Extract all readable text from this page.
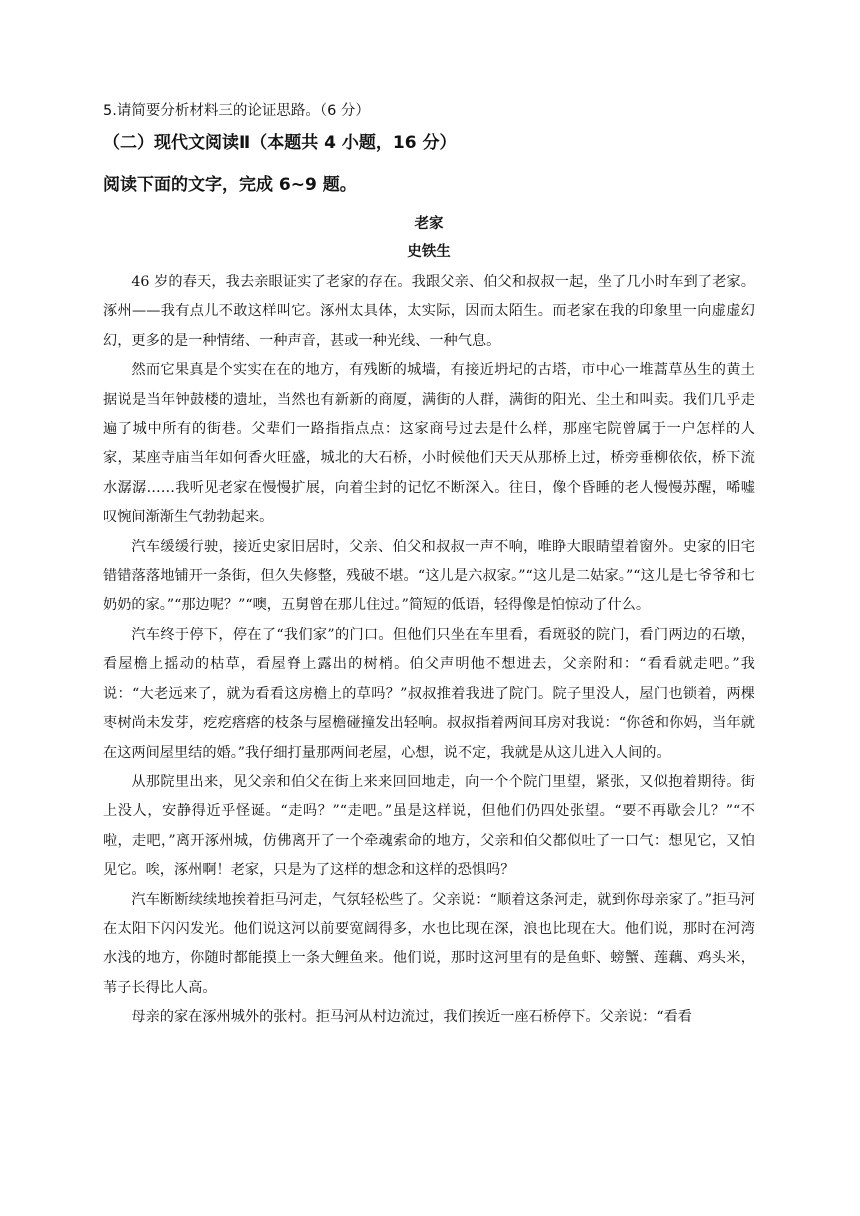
5.请简要分析材料三的论证思路。（6 分）

（二）现代文阅读Ⅱ（本题共 4 小题，16 分）

阅读下面的文字，完成 6~9 题。

老家

史铁生

46 岁的春天，我去亲眼证实了老家的存在。我跟父亲、伯父和叔叔一起，坐了几小时车到了老家。涿州——我有点儿不敢这样叫它。涿州太具体，太实际，因而太陌生。而老家在我的印象里一向虚虚幻幻，更多的是一种情绪、一种声音，甚或一种光线、一种气息。

然而它果真是个实实在在的地方，有残断的城墙，有接近坍圮的古塔，市中心一堆蒿草丛生的黄土据说是当年钟鼓楼的遗址，当然也有新新的商厦，满街的人群，满街的阳光、尘土和叫卖。我们几乎走遍了城中所有的街巷。父辈们一路指指点点：这家商号过去是什么样，那座宅院曾属于一户怎样的人家，某座寺庙当年如何香火旺盛，城北的大石桥，小时候他们天天从那桥上过，桥旁垂柳依依，桥下流水潺潺……我听见老家在慢慢扩展，向着尘封的记忆不断深入。往日，像个昏睡的老人慢慢苏醒，唏嘘叹惋间渐渐生气勃勃起来。

汽车缓缓行驶，接近史家旧居时，父亲、伯父和叔叔一声不响，唯睁大眼睛望着窗外。史家的旧宅错错落落地铺开一条街，但久失修整，残破不堪。“这儿是六叔家。”“这儿是二姑家。”“这儿是七爷爷和七奶奶的家。”“那边呢？”“噢，五舅曾在那儿住过。”简短的低语，轻得像是怕惊动了什么。

汽车终于停下，停在了“我们家”的门口。但他们只坐在车里看，看斑驳的院门，看门两边的石墩，看屋檐上摇动的枯草，看屋脊上露出的树梢。伯父声明他不想进去，父亲附和：“看看就走吧。”我说：“大老远来了，就为看看这房檐上的草吗？”叔叔推着我进了院门。院子里没人，屋门也锁着，两棵枣树尚未发芽，疙疙瘩瘩的枝条与屋檐碰撞发出轻响。叔叔指着两间耳房对我说：“你爸和你妈，当年就在这两间屋里结的婚。”我仔细打量那两间老屋，心想，说不定，我就是从这儿进入人间的。

从那院里出来，见父亲和伯父在街上来来回回地走，向一个个院门里望，紧张，又似抱着期待。街上没人，安静得近乎怪诞。“走吗？”“走吧。”虽是这样说，但他们仍四处张望。“要不再歇会儿？”“不啦，走吧，”离开涿州城，仿佛离开了一个牵魂索命的地方，父亲和伯父都似吐了一口气：想见它，又怕见它。唉，涿州啊！老家，只是为了这样的想念和这样的恐惧吗？

汽车断断续续地挨着拒马河走，气氛轻松些了。父亲说：“顺着这条河走，就到你母亲家了。”拒马河在太阳下闪闪发光。他们说这河以前要宽阔得多，水也比现在深，浪也比现在大。他们说，那时在河湾水浅的地方，你随时都能摸上一条大鲤鱼来。他们说，那时这河里有的是鱼虾、螃蟹、莲藕、鸡头米，苇子长得比人高。

母亲的家在涿州城外的张村。拒马河从村边流过，我们挨近一座石桥停下。父亲说：“看看
